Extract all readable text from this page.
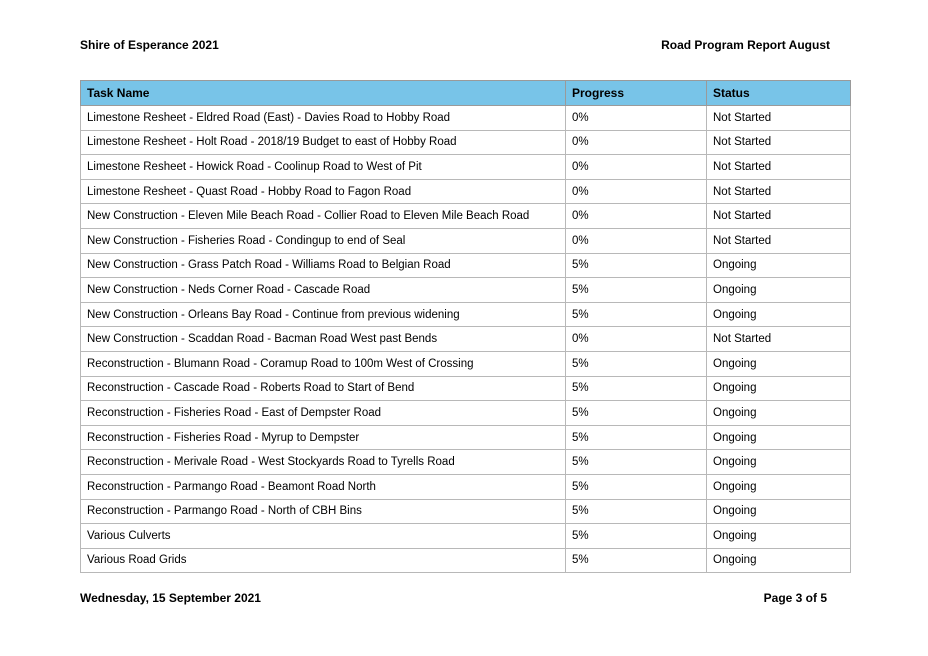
Shire of Esperance 2021	Road Program Report August
Task Name	Progress	Status
Limestone Resheet - Eldred Road (East) - Davies Road to Hobby Road	0%	Not Started
Limestone Resheet - Holt Road - 2018/19 Budget to east of Hobby Road	0%	Not Started
Limestone Resheet - Howick Road - Coolinup Road to West of Pit	0%	Not Started
Limestone Resheet - Quast Road - Hobby Road to Fagon Road	0%	Not Started
New Construction - Eleven Mile Beach Road - Collier Road to Eleven Mile Beach Road	0%	Not Started
New Construction - Fisheries Road - Condingup to end of Seal	0%	Not Started
New Construction - Grass Patch Road - Williams Road to Belgian Road	5%	Ongoing
New Construction - Neds Corner Road - Cascade Road	5%	Ongoing
New Construction - Orleans Bay Road - Continue from previous widening	5%	Ongoing
New Construction - Scaddan Road - Bacman Road West past Bends	0%	Not Started
Reconstruction - Blumann Road - Coramup Road to 100m West of Crossing	5%	Ongoing
Reconstruction - Cascade Road - Roberts Road to Start of Bend	5%	Ongoing
Reconstruction - Fisheries Road - East of Dempster Road	5%	Ongoing
Reconstruction - Fisheries Road - Myrup to Dempster	5%	Ongoing
Reconstruction - Merivale Road - West Stockyards Road to Tyrells Road	5%	Ongoing
Reconstruction - Parmango Road - Beamont Road North	5%	Ongoing
Reconstruction - Parmango Road - North of CBH Bins	5%	Ongoing
Various Culverts	5%	Ongoing
Various Road Grids	5%	Ongoing
Wednesday, 15 September 2021	Page 3 of 5
